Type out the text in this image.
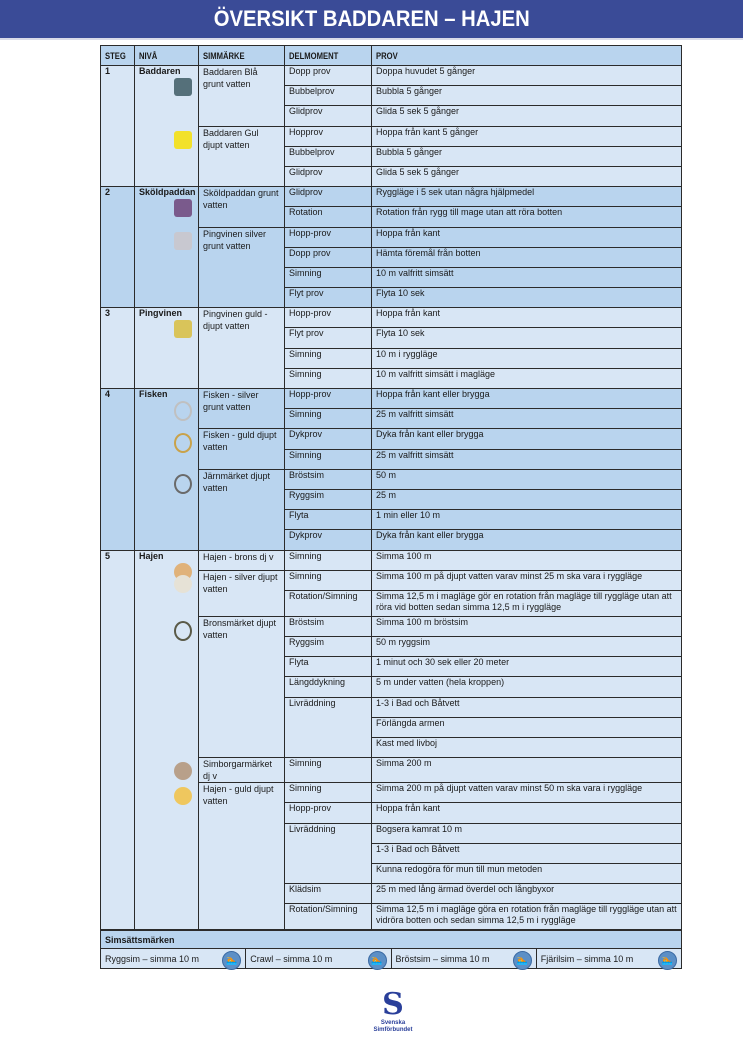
ÖVERSIKT BADDAREN – HAJEN
STEG	NIVÅ	SIMMÄRKE	DELMOMENT	PROV
1	Baddaren	Baddaren Blå grunt vatten	Dopp prov	Doppa huvudet 5 gånger
			Bubbelprov	Bubbla 5 gånger
			Glidprov	Glida 5 sek 5 gånger
		Baddaren Gul djupt vatten	Hopprov	Hoppa från kant 5 gånger
			Bubbelprov	Bubbla 5 gånger
			Glidprov	Glida 5 sek 5 gånger
2	Sköldpaddan	Sköldpaddan grunt vatten	Glidprov	Ryggläge i 5 sek utan några hjälpmedel
			Rotation	Rotation från rygg till mage utan att röra botten
		Pingvinen silver grunt vatten	Hopp-prov	Hoppa från kant
			Dopp prov	Hämta föremål från botten
			Simning	10 m valfritt simsätt
			Flyt prov	Flyta 10 sek
3	Pingvinen	Pingvinen guld - djupt vatten	Hopp-prov	Hoppa från kant
			Flyt prov	Flyta 10 sek
			Simning	10 m i ryggläge
			Simning	10 m valfritt simsätt i magläge
4	Fisken	Fisken - silver grunt vatten	Hopp-prov	Hoppa från kant eller brygga
			Simning	25 m valfritt simsätt
		Fisken - guld djupt vatten	Dykprov	Dyka från kant eller brygga
			Simning	25 m valfritt simsätt
		Järnmärket djupt vatten	Bröstsim	50 m
			Ryggsim	25 m
			Flyta	1 min eller 10 m
			Dykprov	Dyka från kant eller brygga
5	Hajen	Hajen - brons dj v	Simning	Simma 100 m
		Hajen - silver djupt vatten	Simning	Simma 100 m på djupt vatten varav minst 25 m ska vara i ryggläge
			Rotation/Simning	Simma 12,5 m i magläge gör en rotation från magläge till ryggläge utan att röra vid botten sedan simma 12,5 m i ryggläge
		Bronsmärket djupt vatten	Bröstsim	Simma 100 m bröstsim
			Ryggsim	50 m ryggsim
			Flyta	1 minut och 30 sek eller 20 meter
			Längddykning	5 m under vatten (hela kroppen)
			Livräddning	1-3 i Bad och Båtvett
				Förlängda armen
				Kast med livboj
		Simborgarmärket dj v	Simning	Simma 200 m
		Hajen - guld djupt vatten	Simning	Simma 200 m på djupt vatten varav minst 50 m ska vara i ryggläge
			Hopp-prov	Hoppa från kant
			Livräddning	Bogsera kamrat 10 m
				1-3 i Bad och Båtvett
				Kunna redogöra för mun till mun metoden
			Klädsim	25 m med lång ärmad överdel och långbyxor
			Rotation/Simning	Simma 12,5 m i magläge göra en rotation från magläge till ryggläge utan att vidröra botten och sedan simma 12,5 m i ryggläge
Simsättsmärken
Ryggsim – simma 10 m	🏊	Crawl – simma 10 m	🏊	Bröstsim – simma 10 m	🏊	Fjärilsim – simma 10 m	🏊
S
Svenska
Simförbundet
